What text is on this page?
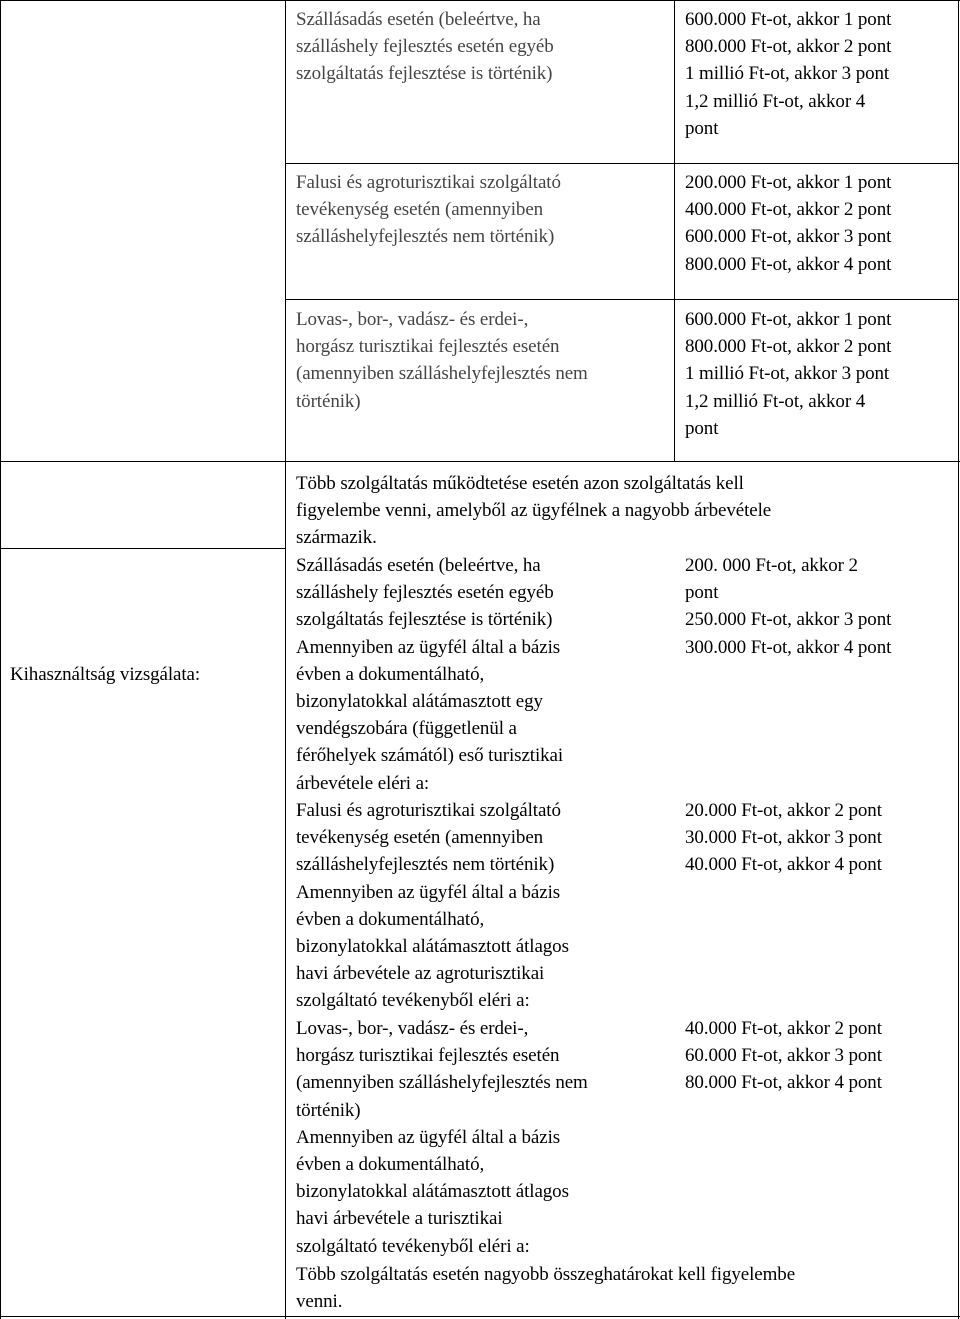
Szállásadás esetén (beleértve, ha
szálláshely fejlesztés esetén egyéb
szolgáltatás fejlesztése is történik)
600.000 Ft-ot, akkor 1 pont
800.000 Ft-ot, akkor 2 pont
1 millió Ft-ot, akkor 3 pont
1,2 millió Ft-ot, akkor 4
pont
Falusi és agroturisztikai szolgáltató
tevékenység esetén (amennyiben
szálláshelyfejlesztés nem történik)
200.000 Ft-ot, akkor 1 pont
400.000 Ft-ot, akkor 2 pont
600.000 Ft-ot, akkor 3 pont
800.000 Ft-ot, akkor 4 pont
Lovas-, bor-, vadász- és erdei-,
horgász turisztikai fejlesztés esetén
(amennyiben szálláshelyfejlesztés nem
történik)
600.000 Ft-ot, akkor 1 pont
800.000 Ft-ot, akkor 2 pont
1 millió Ft-ot, akkor 3 pont
1,2 millió Ft-ot, akkor 4
pont
Kihasználtság vizsgálata:
Több szolgáltatás működtetése esetén azon szolgáltatás kell
figyelembe venni, amelyből az ügyfélnek a nagyobb árbevétele
származik.
Szállásadás esetén (beleértve, ha
szálláshely fejlesztés esetén egyéb
szolgáltatás fejlesztése is történik)
Amennyiben az ügyfél által a bázis
évben a dokumentálható,
bizonylatokkal alátámasztott egy
vendégszobára (függetlenül a
férőhelyek számától) eső turisztikai
árbevétele eléri a:
200. 000 Ft-ot, akkor 2
pont
250.000 Ft-ot, akkor 3 pont
300.000 Ft-ot, akkor 4 pont
Falusi és agroturisztikai szolgáltató
tevékenység esetén (amennyiben
szálláshelyfejlesztés nem történik)
Amennyiben az ügyfél által a bázis
évben a dokumentálható,
bizonylatokkal alátámasztott átlagos
havi árbevétele az agroturisztikai
szolgáltató tevékenyből eléri a:
20.000 Ft-ot, akkor 2 pont
30.000 Ft-ot, akkor 3 pont
40.000 Ft-ot, akkor 4 pont
Lovas-, bor-, vadász- és erdei-,
horgász turisztikai fejlesztés esetén
(amennyiben szálláshelyfejlesztés nem
történik)
Amennyiben az ügyfél által a bázis
évben a dokumentálható,
bizonylatokkal alátámasztott átlagos
havi árbevétele a turisztikai
szolgáltató tevékenyből eléri a:
40.000 Ft-ot, akkor 2 pont
60.000 Ft-ot, akkor 3 pont
80.000 Ft-ot, akkor 4 pont
Több szolgáltatás esetén nagyobb összeghatárokat kell figyelembe
venni.
